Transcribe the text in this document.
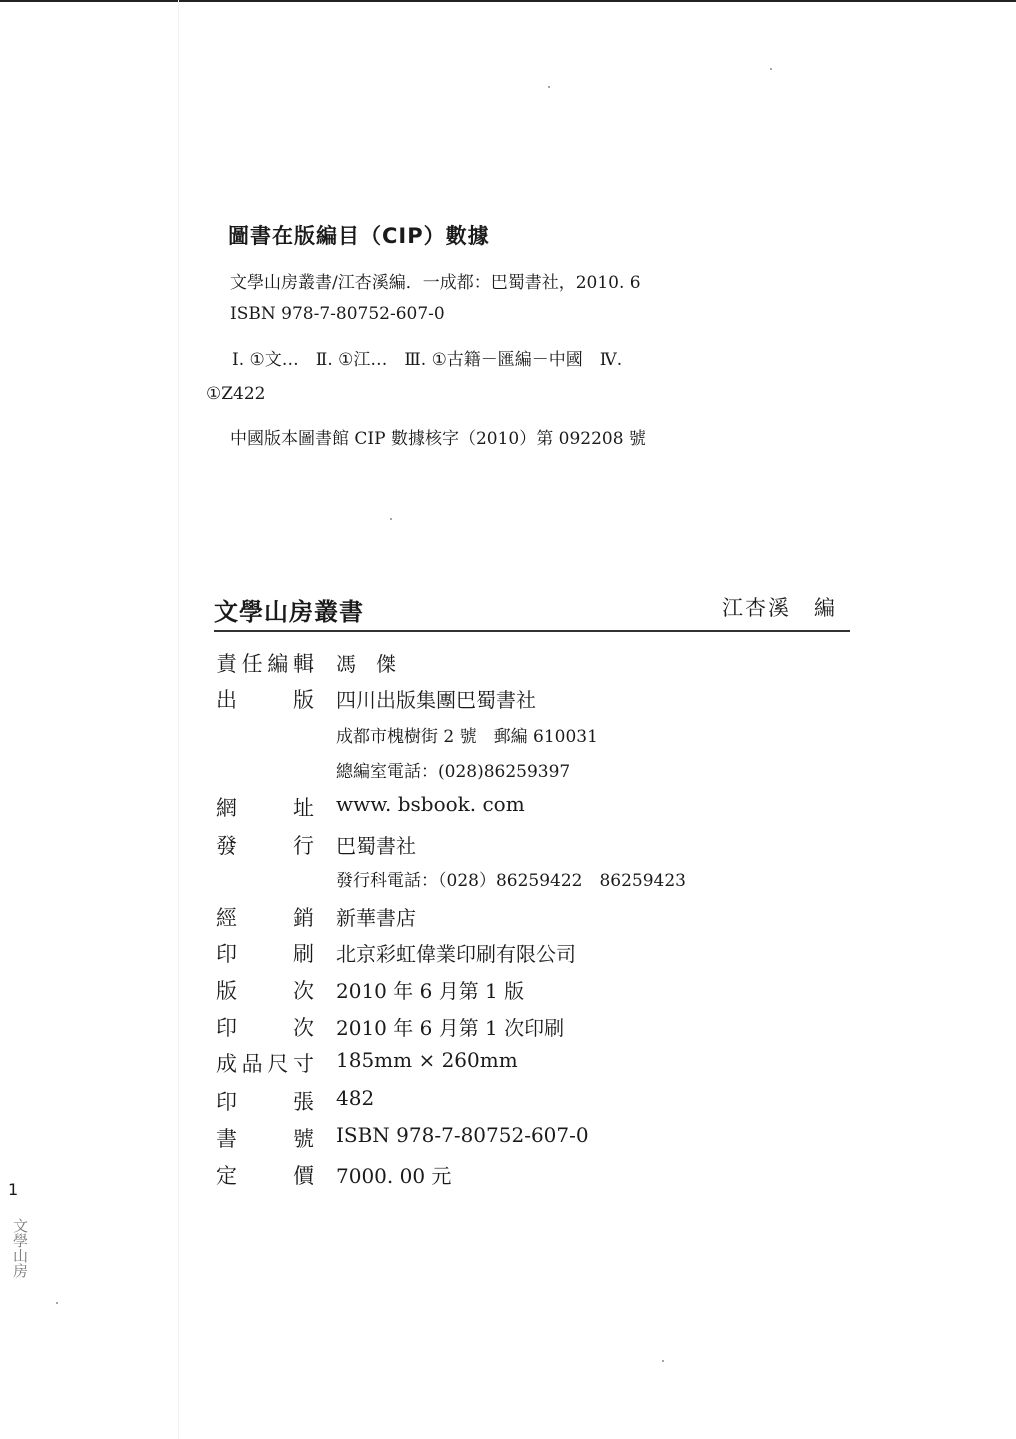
圖書在版編目（CIP）數據
文學山房叢書/江杏溪編．一成都：巴蜀書社，2010. 6
ISBN 978-7-80752-607-0
Ⅰ. ①文…　Ⅱ. ①江…　Ⅲ. ①古籍－匯編－中國　Ⅳ.
①Z422
中國版本圖書館 CIP 數據核字（2010）第 092208 號
文學山房叢書	江杏溪　編
責 任 編 輯 馮　傑
出	版 四川出版集團巴蜀書社
成都市槐樹街 2 號　郵編 610031
總編室電話：(028)86259397
網	址 www. bsbook. com
發	行 巴蜀書社
發行科電話：（028）86259422　86259423
經	銷 新華書店
印	刷 北京彩虹偉業印刷有限公司
版	次 2010 年 6 月第 1 版
印	次 2010 年 6 月第 1 次印刷
成 品 尺 寸 185mm × 260mm
印	張 482
書	號 ISBN 978-7-80752-607-0
定	價 7000. 00 元
1
文學山房
